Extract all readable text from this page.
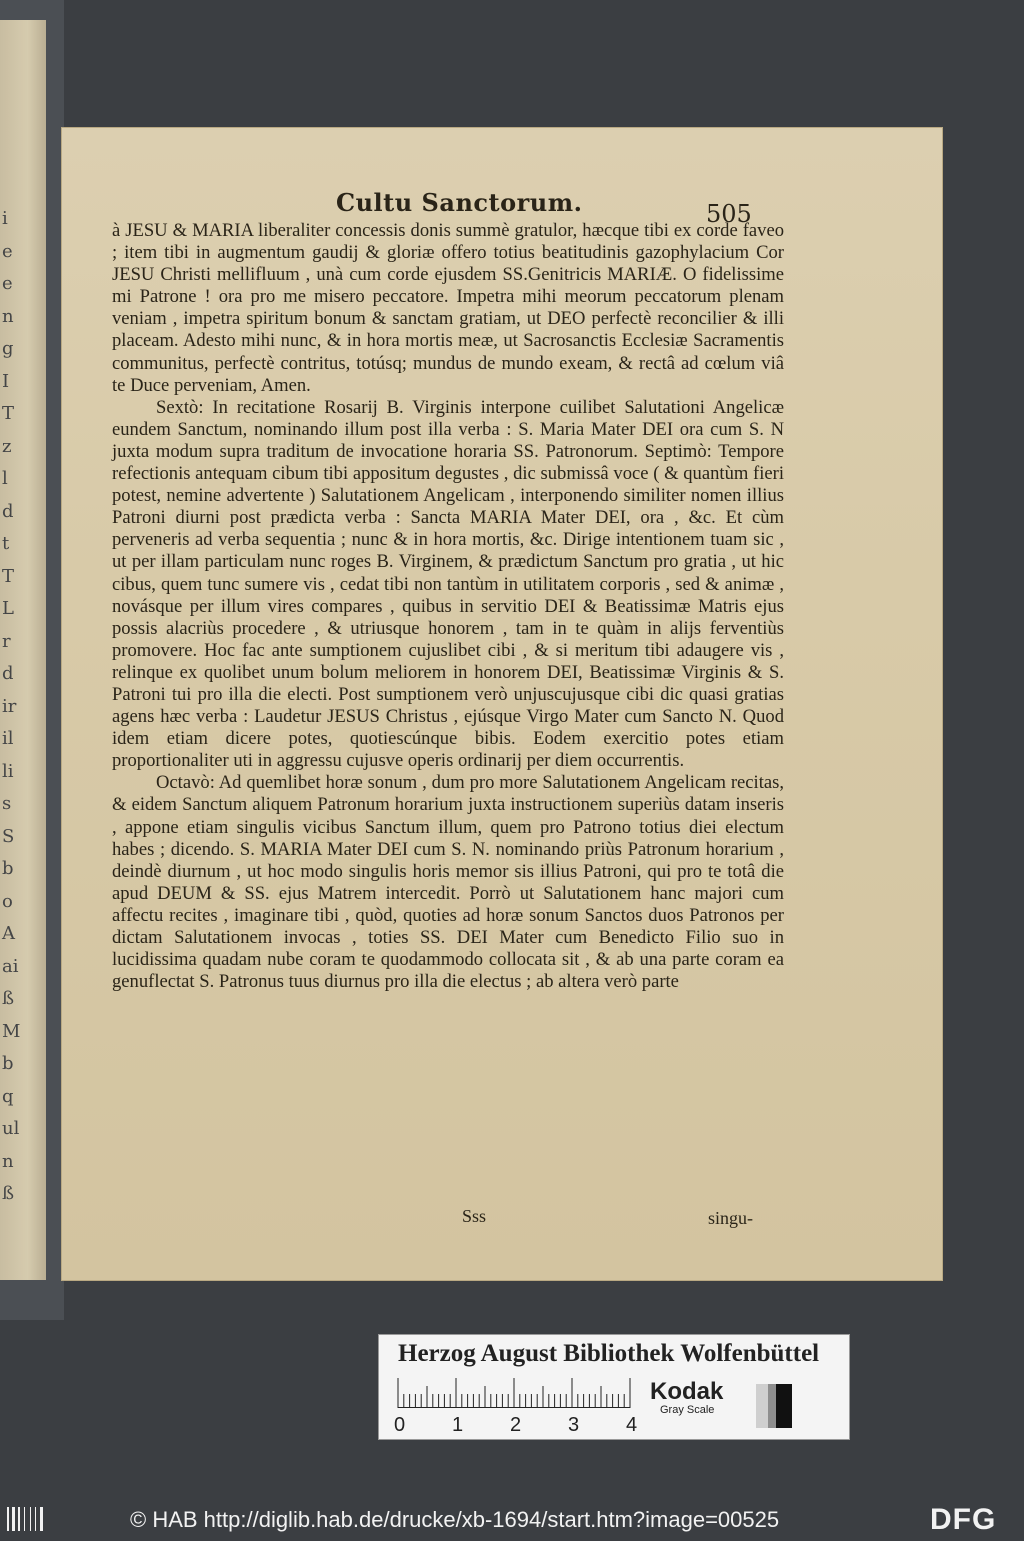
i
e
e
n
g
I
T
z
l
d
t
T
L
r
d
ir
il
li
s
S
b
o
A
ai
ß
M
b
q
ul
n
ß
Cultu Sanctorum.	505

à JESU & MARIA liberaliter concessis donis summè gratulor, hæcque tibi ex corde faveo ; item tibi in augmentum gaudij & gloriæ offero totius beatitudinis gazophylacium Cor JESU Christi mellifluum , unà cum corde ejusdem SS.Genitricis MARIÆ. O fidelissime mi Patrone ! ora pro me misero peccatore. Impetra mihi meorum peccatorum plenam veniam , impetra spiritum bonum & sanctam gratiam, ut DEO perfectè reconcilier & illi placeam. Adesto mihi nunc, & in hora mortis meæ, ut Sacrosanctis Ecclesiæ Sacramentis communitus, perfectè contritus, totúsq; mundus de mundo exeam, & rectâ ad cœlum viâ te Duce perveniam, Amen.

Sextò: In recitatione Rosarij B. Virginis interpone cuilibet Salutationi Angelicæ eundem Sanctum, nominando illum post illa verba : S. Maria Mater DEI ora cum S. N juxta modum supra traditum de invocatione horaria SS. Patronorum. Septimò: Tempore refectionis antequam cibum tibi appositum degustes , dic submissâ voce ( & quantùm fieri potest, nemine advertente ) Salutationem Angelicam , interponendo similiter nomen illius Patroni diurni post prædicta verba : Sancta MARIA Mater DEI, ora , &c. Et cùm perveneris ad verba sequentia ; nunc & in hora mortis, &c. Dirige intentionem tuam sic , ut per illam particulam nunc roges B. Virginem, & prædictum Sanctum pro gratia , ut hic cibus, quem tunc sumere vis , cedat tibi non tantùm in utilitatem corporis , sed & animæ , novásque per illum vires compares , quibus in servitio DEI & Beatissimæ Matris ejus possis alacriùs procedere , & utriusque honorem , tam in te quàm in alijs ferventiùs promovere. Hoc fac ante sumptionem cujuslibet cibi , & si meritum tibi adaugere vis , relinque ex quolibet unum bolum meliorem in honorem DEI, Beatissimæ Virginis & S. Patroni tui pro illa die electi. Post sumptionem verò unjuscujusque cibi dic quasi gratias agens hæc verba : Laudetur JESUS Christus , ejúsque Virgo Mater cum Sancto N. Quod idem etiam dicere potes, quotiescúnque bibis. Eodem exercitio potes etiam proportionaliter uti in aggressu cujusve operis ordinarij per diem occurrentis.

Octavò: Ad quemlibet horæ sonum , dum pro more Salutationem Angelicam recitas, & eidem Sanctum aliquem Patronum horarium juxta instructionem superiùs datam inseris , appone etiam singulis vicibus Sanctum illum, quem pro Patrono totius diei electum habes ; dicendo. S. MARIA Mater DEI cum S. N. nominando priùs Patronum horarium , deindè diurnum , ut hoc modo singulis horis memor sis illius Patroni, qui pro te totâ die apud DEUM & SS. ejus Matrem intercedit. Porrò ut Salutationem hanc majori cum affectu recites , imaginare tibi , quòd, quoties ad horæ sonum Sanctos duos Patronos per dictam Salutationem invocas , toties SS. DEI Mater cum Benedicto Filio suo in lucidissima quadam nube coram te quodammodo collocata sit , & ab una parte coram ea genuflectat S. Patronus tuus diurnus pro illa die electus ; ab altera verò parte

Sss	singu-
Herzog August Bibliothek Wolfenbüttel
0 1 2 3 4
Kodak
Gray Scale
© HAB http://diglib.hab.de/drucke/xb-1694/start.htm?image=00525	DFG
